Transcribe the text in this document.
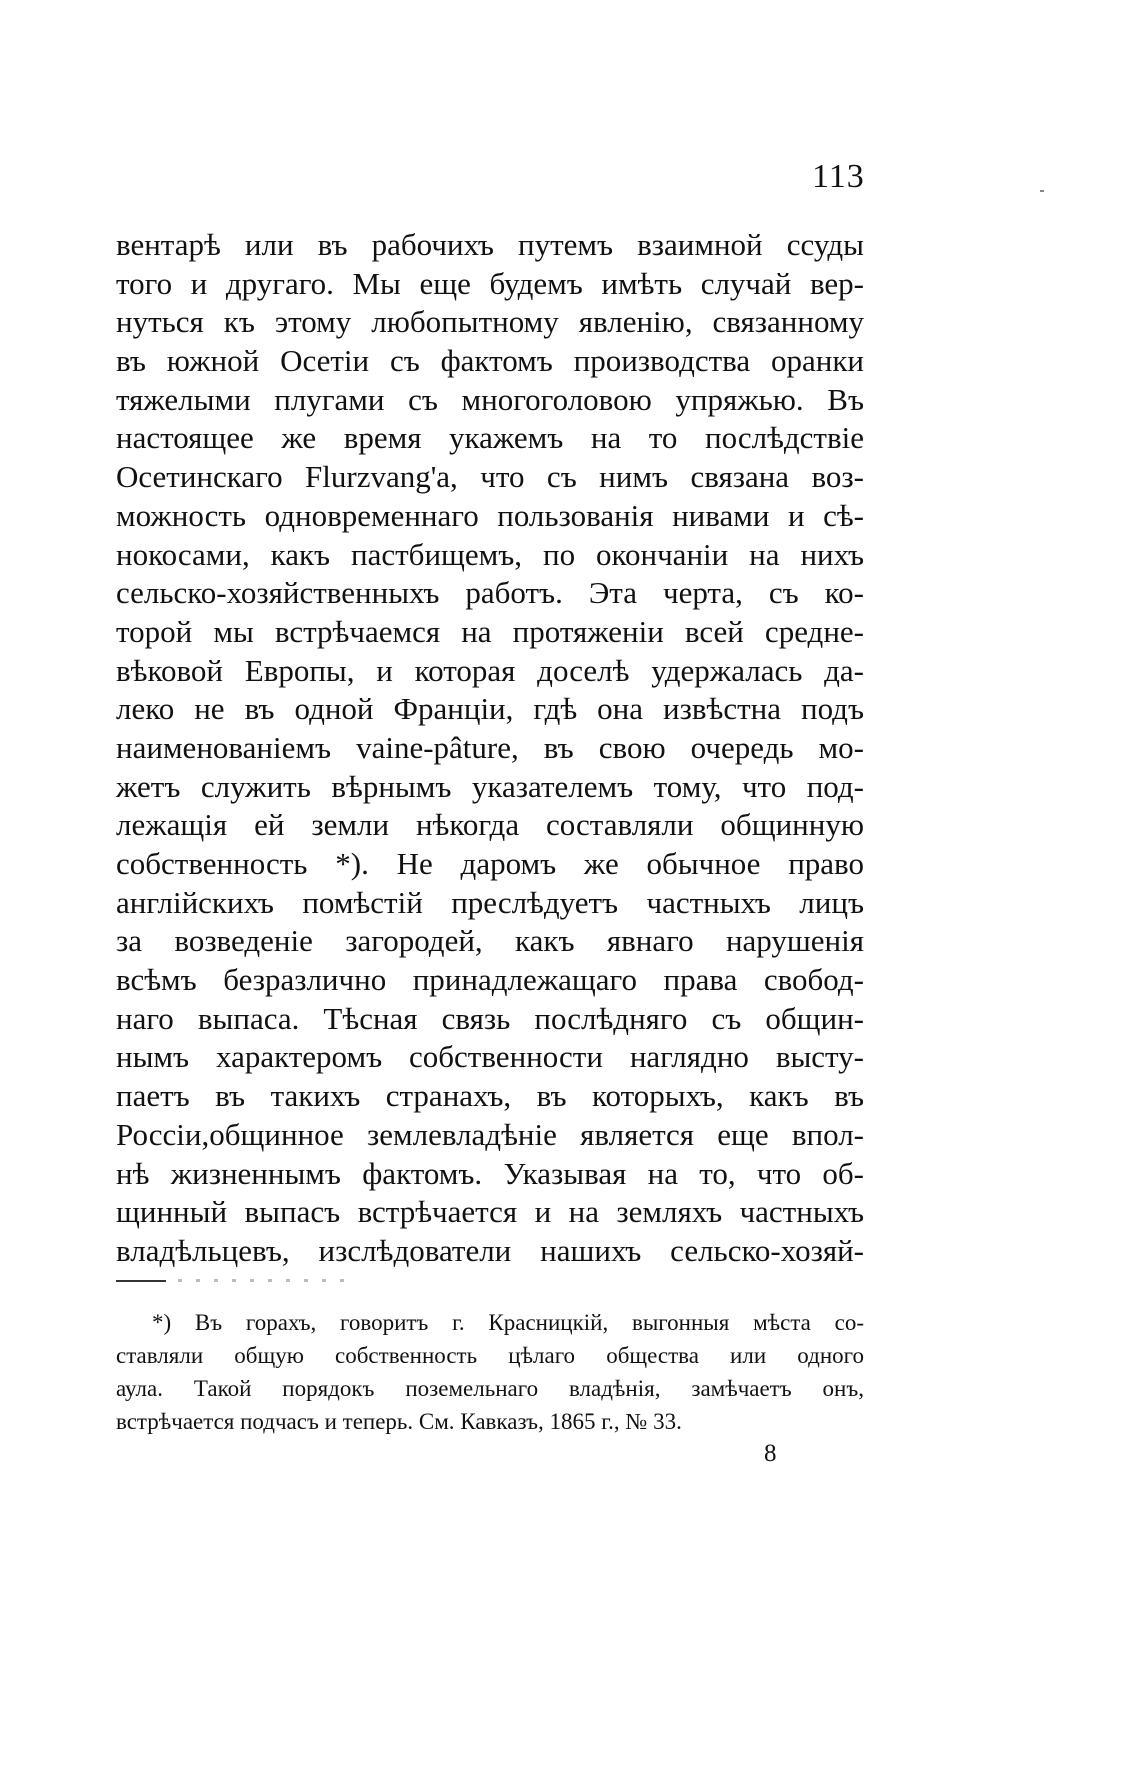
113
вентарѣ или въ рабочихъ путемъ взаимной ссуды
того и другаго. Мы еще будемъ имѣть случай вер-
нуться къ этому любопытному явленію, связанному
въ южной Осетіи съ фактомъ производства оранки
тяжелыми плугами съ многоголовою упряжью. Въ
настоящее же время укажемъ на то послѣдствіе
Осетинскаго Flurzvang'а, что съ нимъ связана воз-
можность одновременнаго пользованія нивами и сѣ-
нокосами, какъ пастбищемъ, по окончаніи на нихъ
сельско-хозяйственныхъ работъ. Эта черта, съ ко-
торой мы встрѣчаемся на протяженіи всей средне-
вѣковой Европы, и которая доселѣ удержалась да-
леко не въ одной Франціи, гдѣ она извѣстна подъ
наименованіемъ vaine-pâture, въ свою очередь мо-
жетъ служить вѣрнымъ указателемъ тому, что под-
лежащія ей земли нѣкогда составляли общинную
собственность *). Не даромъ же обычное право
англійскихъ помѣстій преслѣдуетъ частныхъ лицъ
за возведеніе загородей, какъ явнаго нарушенія
всѣмъ безразлично принадлежащаго права свобод-
наго выпаса. Тѣсная связь послѣдняго съ общин-
нымъ характеромъ собственности наглядно высту-
паетъ въ такихъ странахъ, въ которыхъ, какъ въ
Россіи,общинное землевладѣніе является еще впол-
нѣ жизненнымъ фактомъ. Указывая на то, что об-
щинный выпасъ встрѣчается и на земляхъ частныхъ
владѣльцевъ, изслѣдователи нашихъ сельско-хозяй-
*) Въ горахъ, говоритъ г. Красницкій, выгонныя мѣста со-
ставляли общую собственность цѣлаго общества или одного
аула. Такой порядокъ поземельнаго владѣнія, замѣчаетъ онъ,
встрѣчается подчасъ и теперь. См. Кавказъ, 1865 г., № 33.
8
